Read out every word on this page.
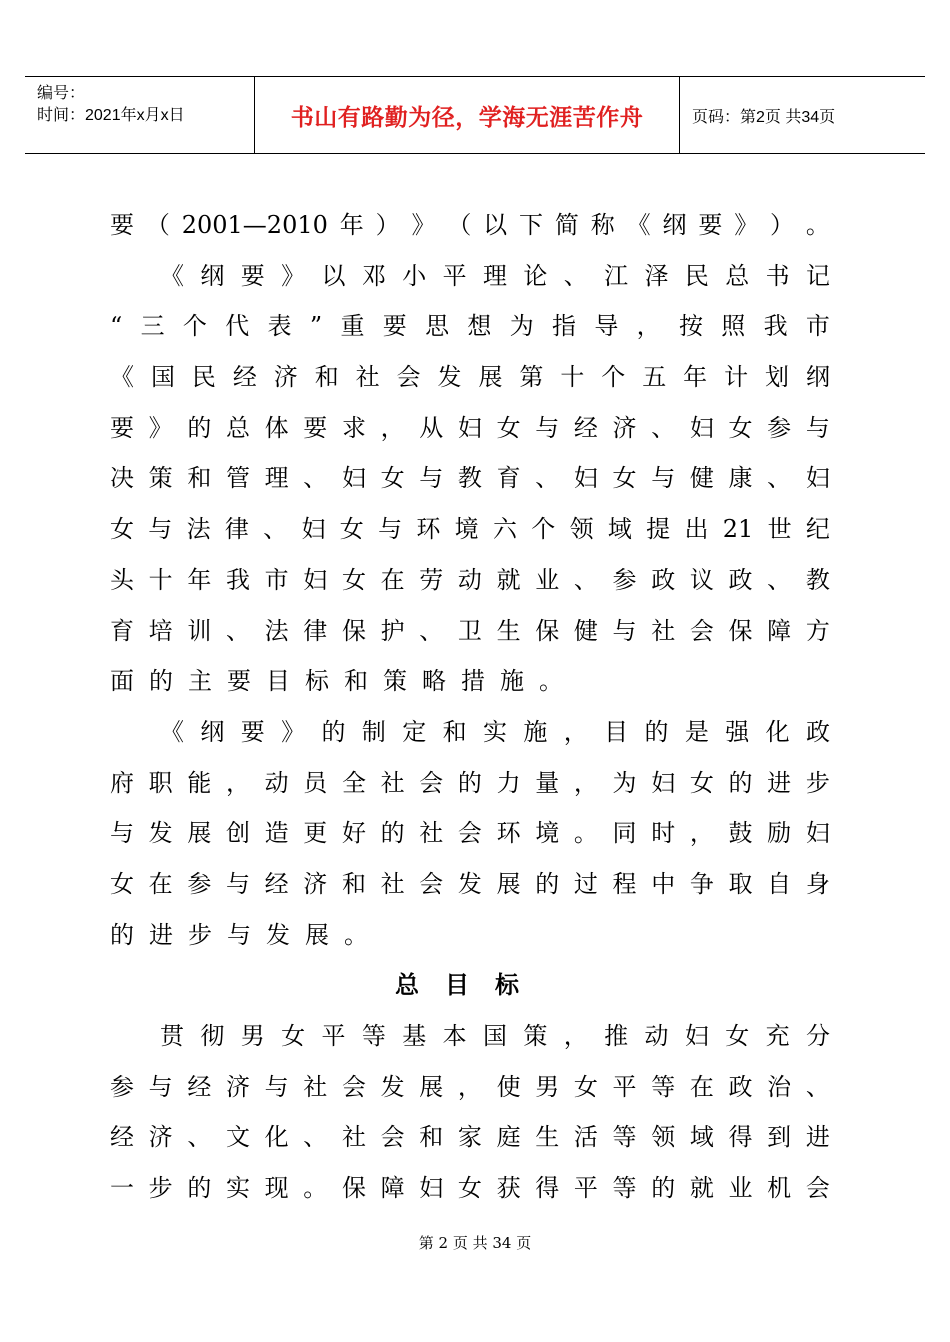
编号：
时间：2021年x月x日	书山有路勤为径，学海无涯苦作舟	页码：第2页 共34页
要 （ 2001—2010 年 ） 》 （ 以 下 简 称 《 纲 要 》 ） 。
《 纲 要 》 以 邓 小 平 理 论 、 江 泽 民 总 书 记
“ 三 个 代 表 ” 重 要 思 想 为 指 导 ， 按 照 我 市
《 国 民 经 济 和 社 会 发 展 第 十 个 五 年 计 划 纲
要 》 的 总 体 要 求 ， 从 妇 女 与 经 济 、 妇 女 参 与
决 策 和 管 理 、 妇 女 与 教 育 、 妇 女 与 健 康 、 妇
女 与 法 律 、 妇 女 与 环 境 六 个 领 域 提 出 21 世 纪
头 十 年 我 市 妇 女 在 劳 动 就 业 、 参 政 议 政 、 教
育 培 训 、 法 律 保 护 、 卫 生 保 健 与 社 会 保 障 方
面 的 主 要 目 标 和 策 略 措 施 。
《 纲 要 》 的 制 定 和 实 施 ， 目 的 是 强 化 政
府 职 能 ， 动 员 全 社 会 的 力 量 ， 为 妇 女 的 进 步
与 发 展 创 造 更 好 的 社 会 环 境 。 同 时 ， 鼓 励 妇
女 在 参 与 经 济 和 社 会 发 展 的 过 程 中 争 取 自 身
的 进 步 与 发 展 。
总目标
贯 彻 男 女 平 等 基 本 国 策 ， 推 动 妇 女 充 分
参 与 经 济 与 社 会 发 展 ， 使 男 女 平 等 在 政 治 、
经 济 、 文 化 、 社 会 和 家 庭 生 活 等 领 域 得 到 进
一 步 的 实 现 。 保 障 妇 女 获 得 平 等 的 就 业 机 会
第 2 页 共 34 页
